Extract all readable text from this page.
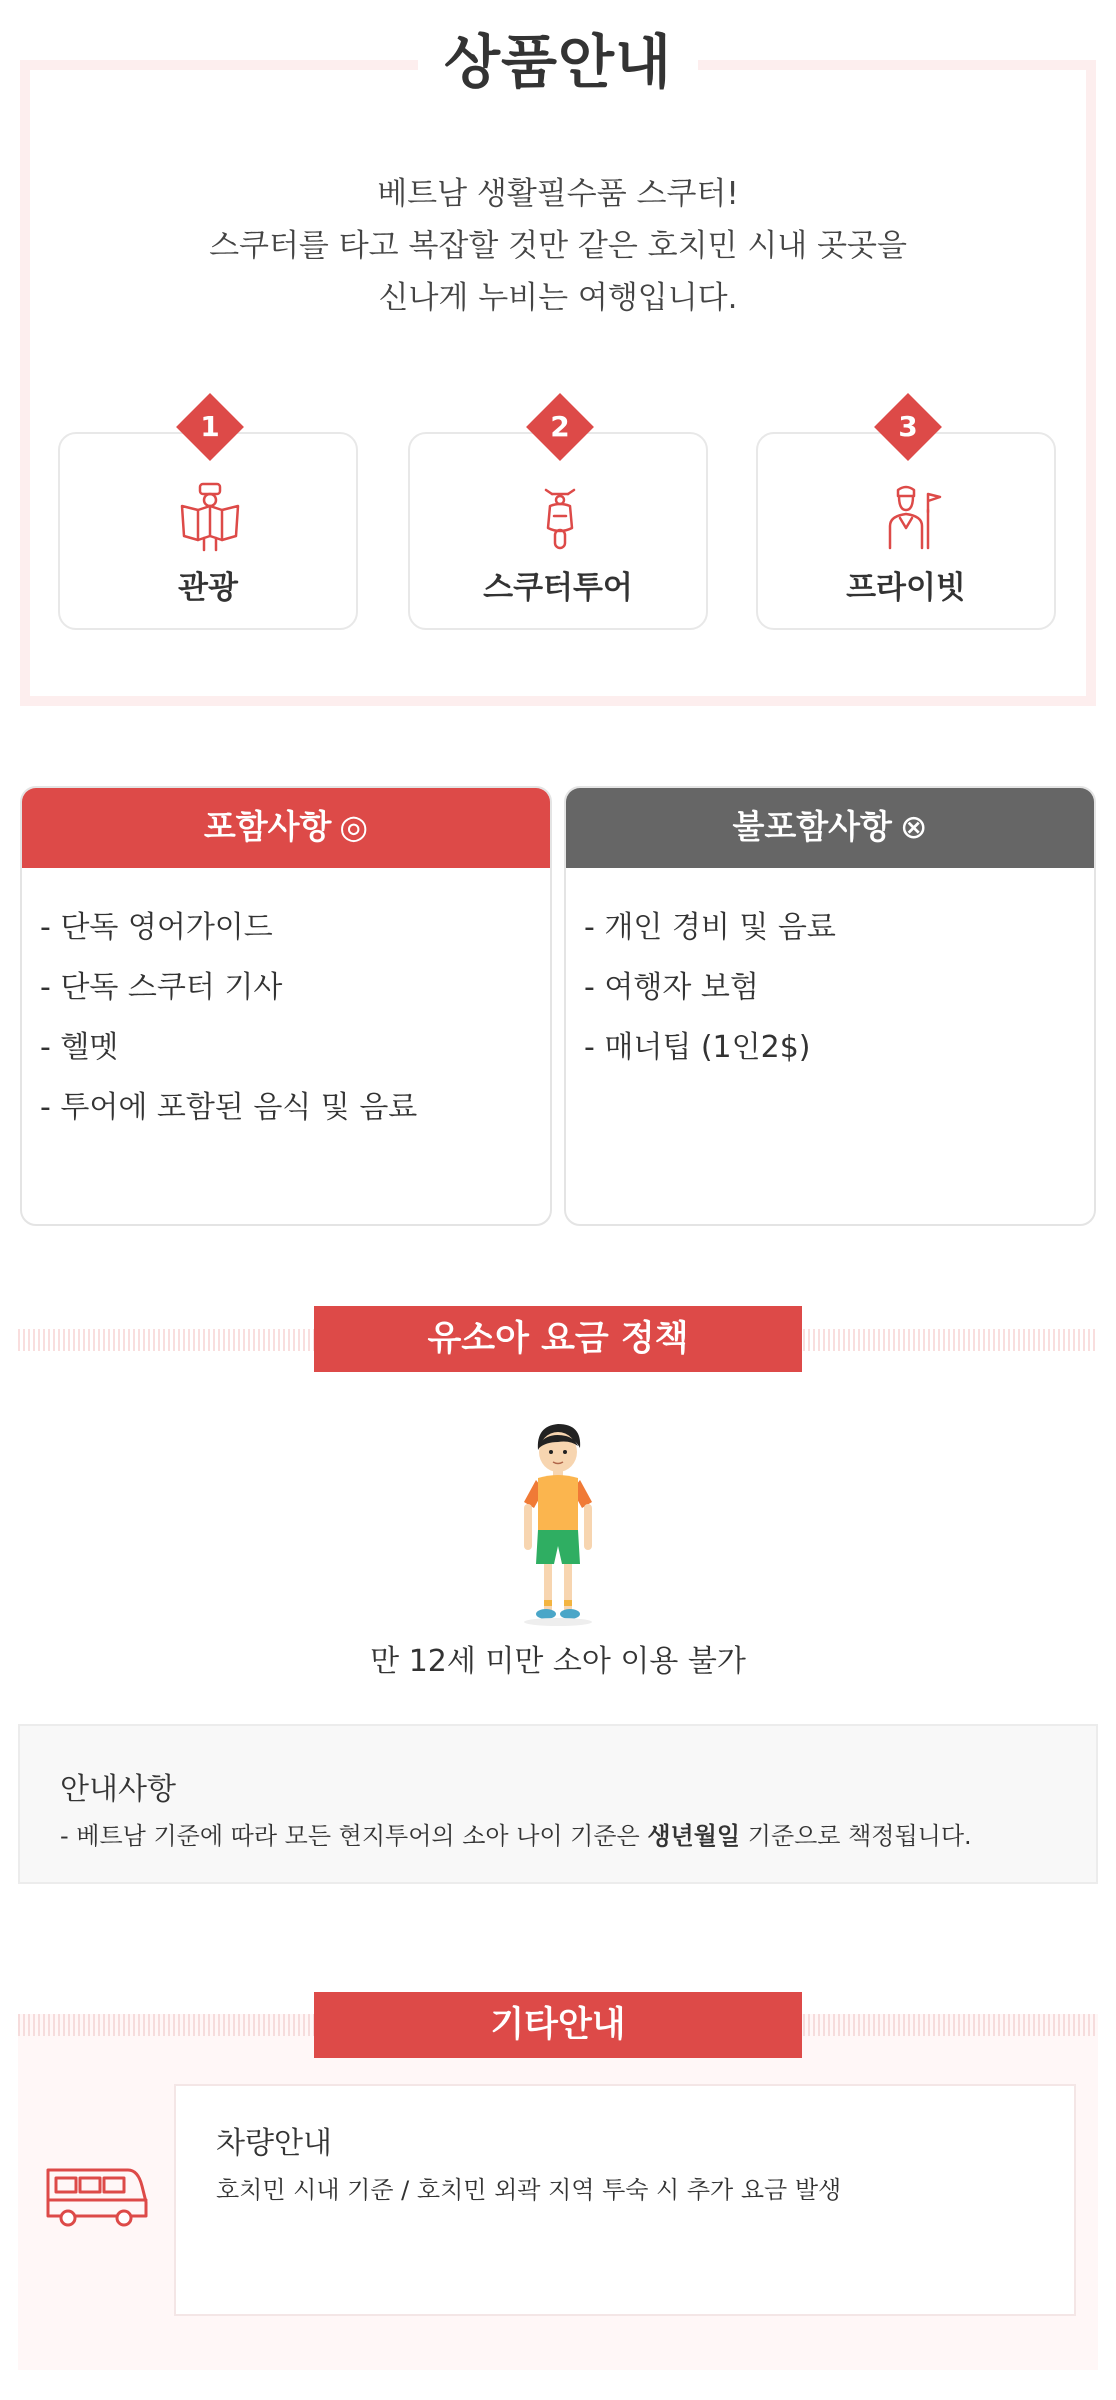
상품안내
베트남 생활필수품 스쿠터!
스쿠터를 타고 복잡할 것만 같은 호치민 시내 곳곳을
신나게 누비는 여행입니다.
1
관광
2
스쿠터투어
3
프라이빗
포함사항 ◎
- 단독 영어가이드
- 단독 스쿠터 기사
- 헬멧
- 투어에 포함된 음식 및 음료
불포함사항 ⊗
- 개인 경비 및 음료
- 여행자 보험
- 매너팁 (1인2$)
유소아 요금 정책
만 12세 미만 소아 이용 불가
안내사항
- 베트남 기준에 따라 모든 현지투어의 소아 나이 기준은 생년월일 기준으로 책정됩니다.
기타안내
차량안내
호치민 시내 기준 / 호치민 외곽 지역 투숙 시 추가 요금 발생
